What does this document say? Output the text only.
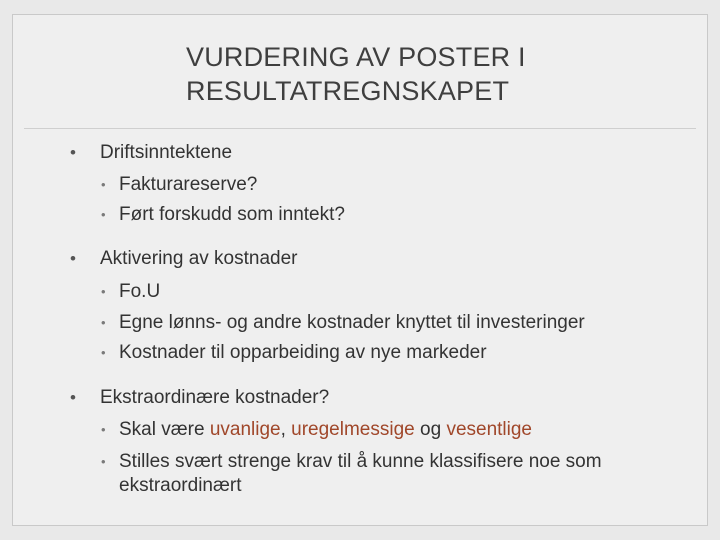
VURDERING AV POSTER I
RESULTATREGNSKAPET
• Driftsinntektene
• Fakturareserve?
• Ført forskudd som inntekt?
• Aktivering av kostnader
• Fo.U
• Egne lønns- og andre kostnader knyttet til investeringer
• Kostnader til opparbeiding av nye markeder
• Ekstraordinære kostnader?
• Skal være uvanlige, uregelmessige og vesentlige
• Stilles svært strenge krav til å kunne klassifisere noe som
ekstraordinært
